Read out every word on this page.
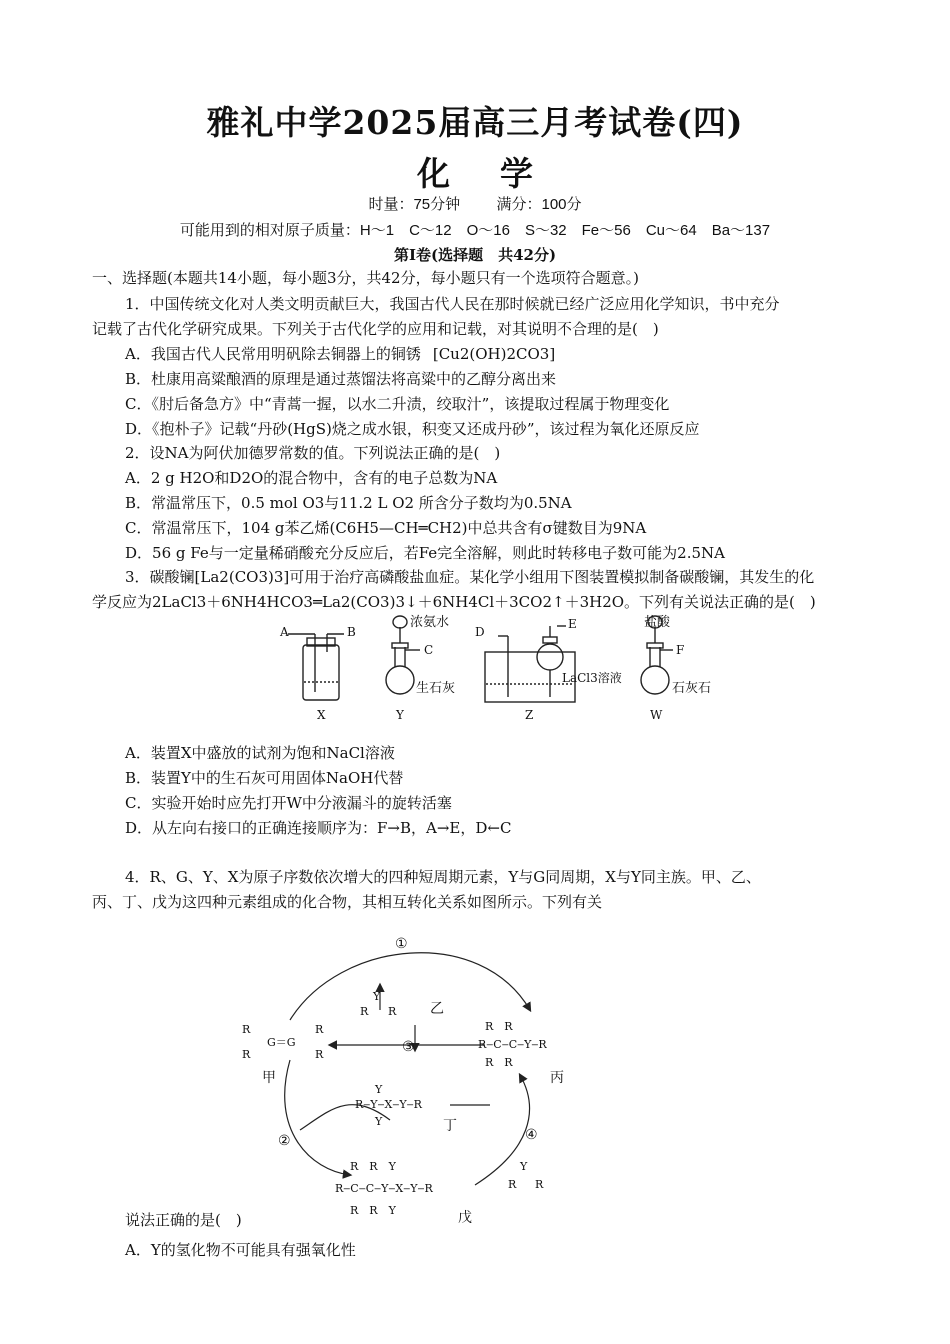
雅礼中学2025届高三月考试卷(四)
化学
时量：75分钟 满分：100分
可能用到的相对原子质量：H～1　C～12　O～16　S～32　Fe～56　Cu～64　Ba～137
第Ⅰ卷(选择题　共42分)
一、选择题(本题共14小题，每小题3分，共42分，每小题只有一个选项符合题意。)
1．中国传统文化对人类文明贡献巨大，我国古代人民在那时候就已经广泛应用化学知识，书中充分
记载了古代化学研究成果。下列关于古代化学的应用和记载，对其说明不合理的是(　)
A．我国古代人民常用明矾除去铜器上的铜锈 [Cu2(OH)2CO3]
B．杜康用高粱酿酒的原理是通过蒸馏法将高粱中的乙醇分离出来
C．《肘后备急方》中“青蒿一握，以水二升渍，绞取汁”，该提取过程属于物理变化
D．《抱朴子》记载“丹砂(HgS)烧之成水银，积变又还成丹砂”，该过程为氧化还原反应
2．设NA为阿伏加德罗常数的值。下列说法正确的是(　)
A．2 g H2O和D2O的混合物中，含有的电子总数为NA
B．常温常压下，0.5 mol O3与11.2 L O2 所含分子数均为0.5NA
C．常温常压下，104 g苯乙烯(C6H5—CH═CH2)中总共含有σ键数目为9NA
D．56 g Fe与一定量稀硝酸充分反应后，若Fe完全溶解，则此时转移电子数可能为2.5NA
3．碳酸镧[La2(CO3)3]可用于治疗高磷酸盐血症。某化学小组用下图装置模拟制备碳酸镧，其发生的化
学反应为2LaCl3＋6NH4HCO3═La2(CO3)3↓＋6NH4Cl＋3CO2↑＋3H2O。下列有关说法正确的是(　)
A	B
浓氨水
C
生石灰
D
E
LaCl3溶液
盐酸
F
石灰石
X	Y	Z	W
A．装置X中盛放的试剂为饱和NaCl溶液
B．装置Y中的生石灰可用固体NaOH代替
C．实验开始时应先打开W中分液漏斗的旋转活塞
D．从左向右接口的正确连接顺序为：F→B，A→E，D←C
4．R、G、Y、X为原子序数依次增大的四种短周期元素，Y与G同周期，X与Y同主族。甲、乙、
丙、丁、戊为这四种元素组成的化合物，其相互转化关系如图所示。下列有关
R
R
G＝G
R
R
Y
R R
R　R
R‒C‒C‒Y‒R
R　R
Y
R‒Y‒X‒Y‒R
Y
Y
R R
R　R　Y
R‒C‒C‒Y‒X‒Y‒R
R　R　Y
甲
乙
丙
丁
戊
①
②
③
④
说法正确的是(　)
A．Y的氢化物不可能具有强氧化性
